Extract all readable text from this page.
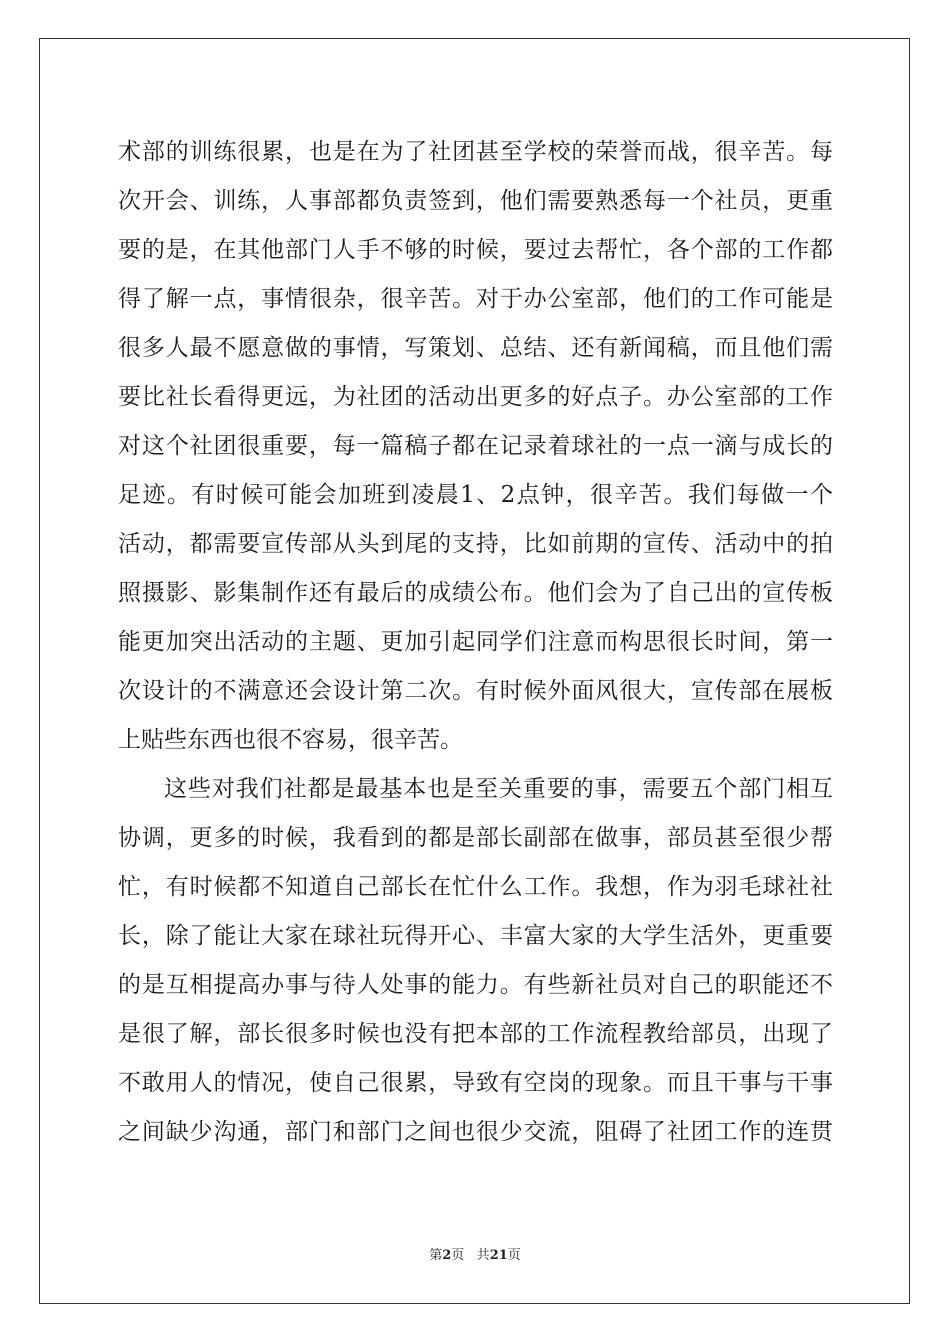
术部的训练很累，也是在为了社团甚至学校的荣誉而战，很辛苦。每
次开会、训练，人事部都负责签到，他们需要熟悉每一个社员，更重
要的是，在其他部门人手不够的时候，要过去帮忙，各个部的工作都
得了解一点，事情很杂，很辛苦。对于办公室部，他们的工作可能是
很多人最不愿意做的事情，写策划、总结、还有新闻稿，而且他们需
要比社长看得更远，为社团的活动出更多的好点子。办公室部的工作
对这个社团很重要，每一篇稿子都在记录着球社的一点一滴与成长的
足迹。有时候可能会加班到凌晨1、2点钟，很辛苦。我们每做一个
活动，都需要宣传部从头到尾的支持，比如前期的宣传、活动中的拍
照摄影、影集制作还有最后的成绩公布。他们会为了自己出的宣传板
能更加突出活动的主题、更加引起同学们注意而构思很长时间，第一
次设计的不满意还会设计第二次。有时候外面风很大，宣传部在展板
上贴些东西也很不容易，很辛苦。
这些对我们社都是最基本也是至关重要的事，需要五个部门相互
协调，更多的时候，我看到的都是部长副部在做事，部员甚至很少帮
忙，有时候都不知道自己部长在忙什么工作。我想，作为羽毛球社社
长，除了能让大家在球社玩得开心、丰富大家的大学生活外，更重要
的是互相提高办事与待人处事的能力。有些新社员对自己的职能还不
是很了解，部长很多时候也没有把本部的工作流程教给部员，出现了
不敢用人的情况，使自己很累，导致有空岗的现象。而且干事与干事
之间缺少沟通，部门和部门之间也很少交流，阻碍了社团工作的连贯
第2页 共21页
